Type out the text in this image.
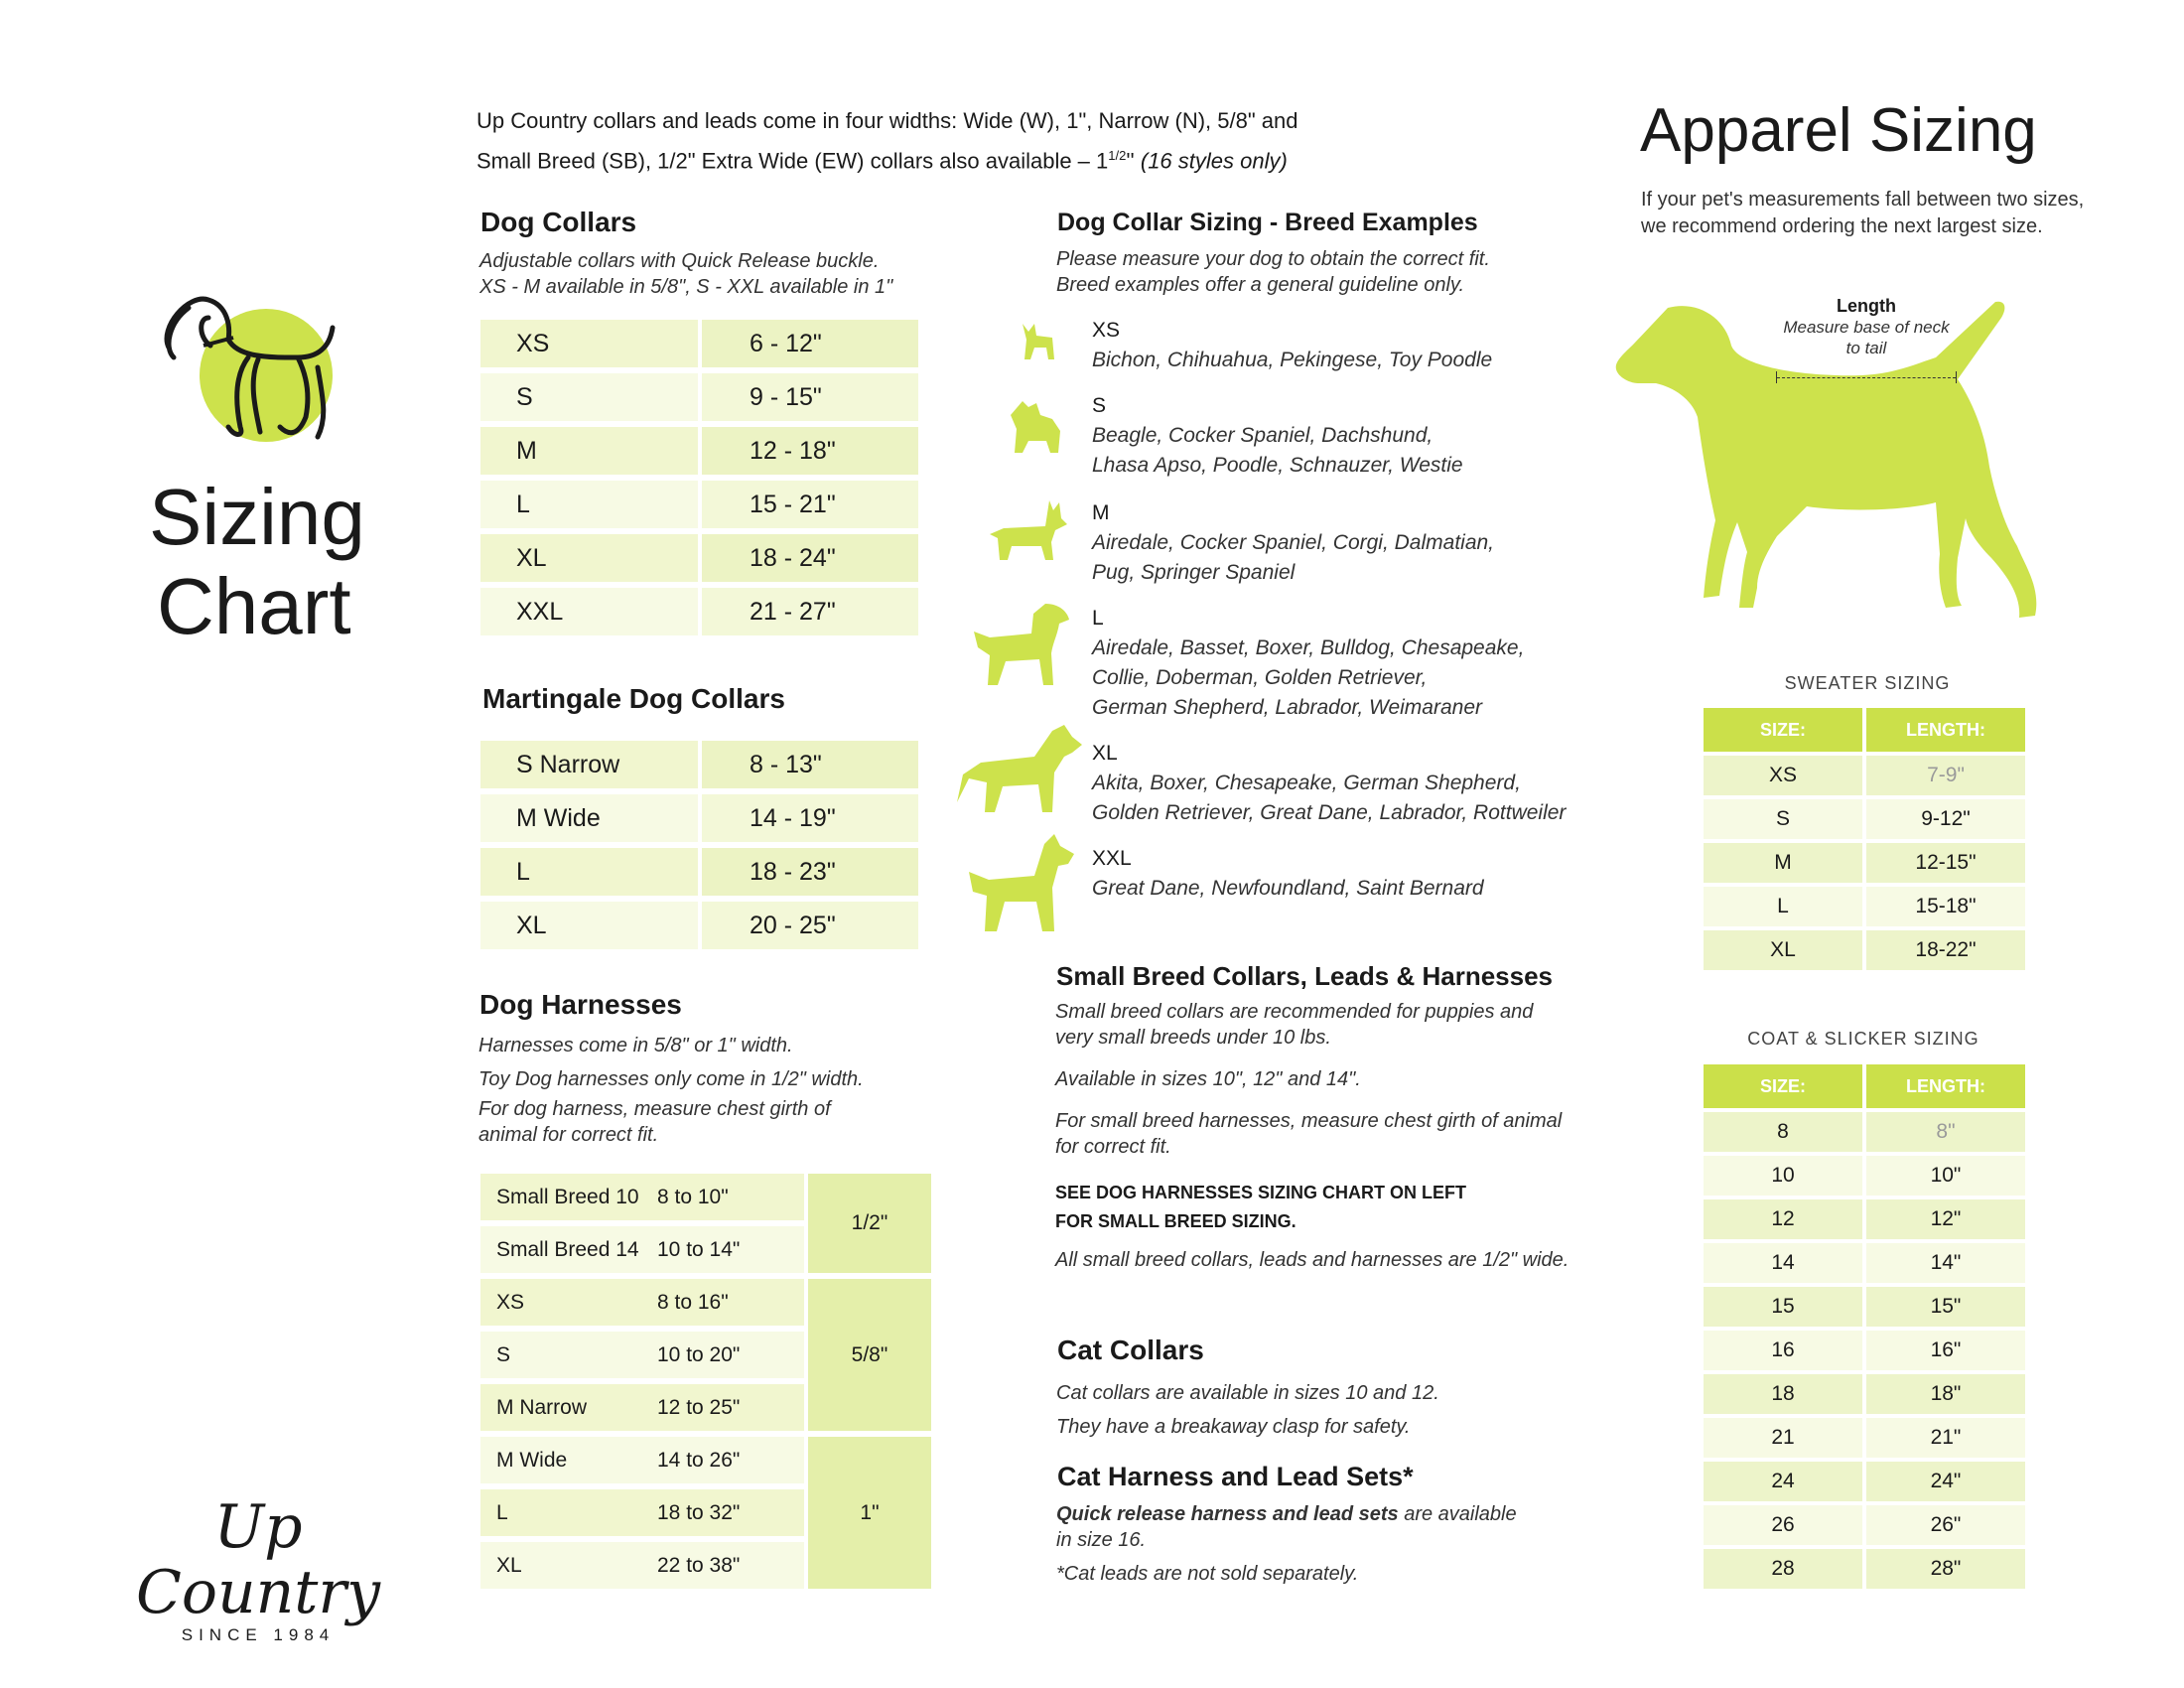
Up Country collars and leads come in four widths: Wide (W), 1", Narrow (N), 5/8" and
Small Breed (SB), 1/2" Extra Wide (EW) collars also available – $1^{1/2}''$ (16 styles only)
Sizing
Chart
Up Country
SINCE 1984
Dog Collars
Adjustable collars with Quick Release buckle.
XS - M available in 5/8", S - XXL available in 1"
XS	6 - 12"
S	9 - 15"
M	12 - 18"
L	15 - 21"
XL	18 - 24"
XXL	21 - 27"
Martingale Dog Collars
S Narrow	8 - 13"
M Wide	14 - 19"
L	18 - 23"
XL	20 - 25"
Dog Harnesses
Harnesses come in 5/8" or 1" width.
Toy Dog harnesses only come in 1/2" width.
For dog harness, measure chest girth of
animal for correct fit.
Small Breed 10	8 to 10"	1/2"
Small Breed 14	10 to 14"	
XS	8 to 16"	5/8"
S	10 to 20"	
M Narrow	12 to 25"	
M Wide	14 to 26"	1"
L	18 to 32"	
XL	22 to 38"	
Dog Collar Sizing - Breed Examples
Please measure your dog to obtain the correct fit.
Breed examples offer a general guideline only.
XS
Bichon, Chihuahua, Pekingese, Toy Poodle
S
Beagle, Cocker Spaniel, Dachshund,
Lhasa Apso, Poodle, Schnauzer, Westie
M
Airedale, Cocker Spaniel, Corgi, Dalmatian,
Pug, Springer Spaniel
L
Airedale, Basset, Boxer, Bulldog, Chesapeake,
Collie, Doberman, Golden Retriever,
German Shepherd, Labrador, Weimaraner
XL
Akita, Boxer, Chesapeake, German Shepherd,
Golden Retriever, Great Dane, Labrador, Rottweiler
XXL
Great Dane, Newfoundland, Saint Bernard
Small Breed Collars, Leads & Harnesses
Small breed collars are recommended for puppies and
very small breeds under 10 lbs.
Available in sizes 10", 12" and 14".
For small breed harnesses, measure chest girth of animal
for correct fit.
SEE DOG HARNESSES SIZING CHART ON LEFT
FOR SMALL BREED SIZING.
All small breed collars, leads and harnesses are 1/2" wide.
Cat Collars
Cat collars are available in sizes 10 and 12.
They have a breakaway clasp for safety.
Cat Harness and Lead Sets*
Quick release harness and lead sets are available
in size 16.
*Cat leads are not sold separately.
Apparel Sizing
If your pet's measurements fall between two sizes,
we recommend ordering the next largest size.
Length
Measure base of neck
to tail
SWEATER SIZING
SIZE:	LENGTH:
XS	7-9"
S	9-12"
M	12-15"
L	15-18"
XL	18-22"
COAT & SLICKER SIZING
SIZE:	LENGTH:
8	8"
10	10"
12	12"
14	14"
15	15"
16	16"
18	18"
21	21"
24	24"
26	26"
28	28"
